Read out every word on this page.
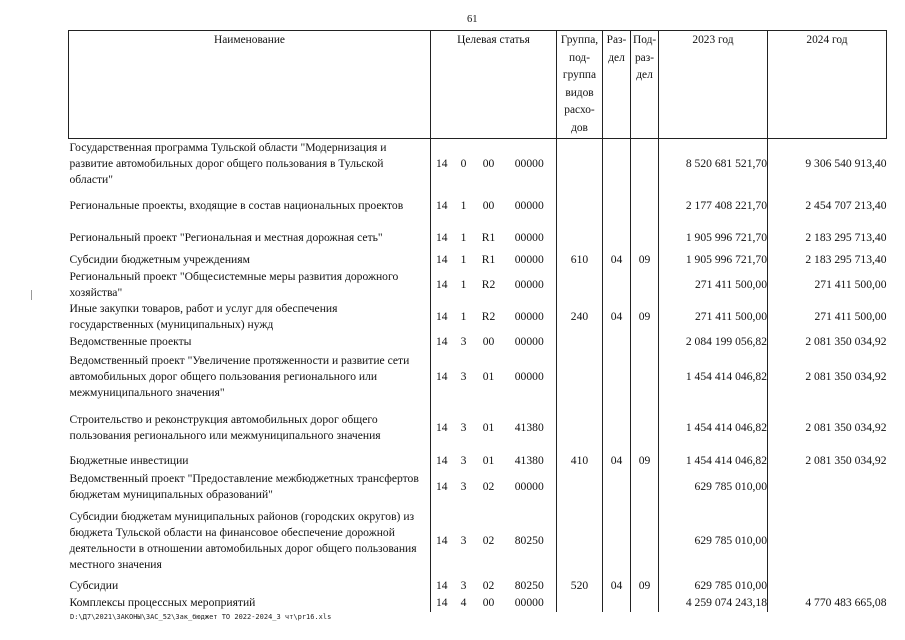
61
Наименование	Целевая статья				Группа, под-группа видов расхо-дов	Раз-дел	Под-раз-дел	2023 год	2024 год
Государственная программа Тульской области "Модернизация и развитие автомобильных дорог общего пользования в Тульской области"	14	0	00	00000				8 520 681 521,70	9 306 540 913,40
Региональные проекты, входящие в состав национальных проектов	14	1	00	00000				2 177 408 221,70	2 454 707 213,40
Региональный проект "Региональная и местная дорожная сеть"	14	1	R1	00000				1 905 996 721,70	2 183 295 713,40
Субсидии бюджетным учреждениям	14	1	R1	00000	610	04	09	1 905 996 721,70	2 183 295 713,40
Региональный проект "Общесистемные меры развития дорожного хозяйства"	14	1	R2	00000				271 411 500,00	271 411 500,00
Иные закупки товаров, работ и услуг для обеспечения государственных (муниципальных) нужд	14	1	R2	00000	240	04	09	271 411 500,00	271 411 500,00
Ведомственные проекты	14	3	00	00000				2 084 199 056,82	2 081 350 034,92
Ведомственный проект "Увеличение протяженности и развитие сети автомобильных дорог общего пользования регионального или межмуниципального значения"	14	3	01	00000				1 454 414 046,82	2 081 350 034,92
Строительство и реконструкция автомобильных дорог общего пользования регионального или межмуниципального значения	14	3	01	41380				1 454 414 046,82	2 081 350 034,92
Бюджетные инвестиции	14	3	01	41380	410	04	09	1 454 414 046,82	2 081 350 034,92
Ведомственный проект "Предоставление межбюджетных трансфертов бюджетам муниципальных образований"	14	3	02	00000				629 785 010,00	
Субсидии бюджетам муниципальных районов (городских округов) из бюджета Тульской области на финансовое обеспечение дорожной деятельности в отношении автомобильных дорог общего пользования местного значения	14	3	02	80250				629 785 010,00	
Субсидии	14	3	02	80250	520	04	09	629 785 010,00	
Комплексы процессных мероприятий	14	4	00	00000				4 259 074 243,18	4 770 483 665,08
D:\Д7\2021\ЗАКОНЫ\ЗАС_52\Зак_бюджет ТО 2022-2024_3 чт\pr16.xls
